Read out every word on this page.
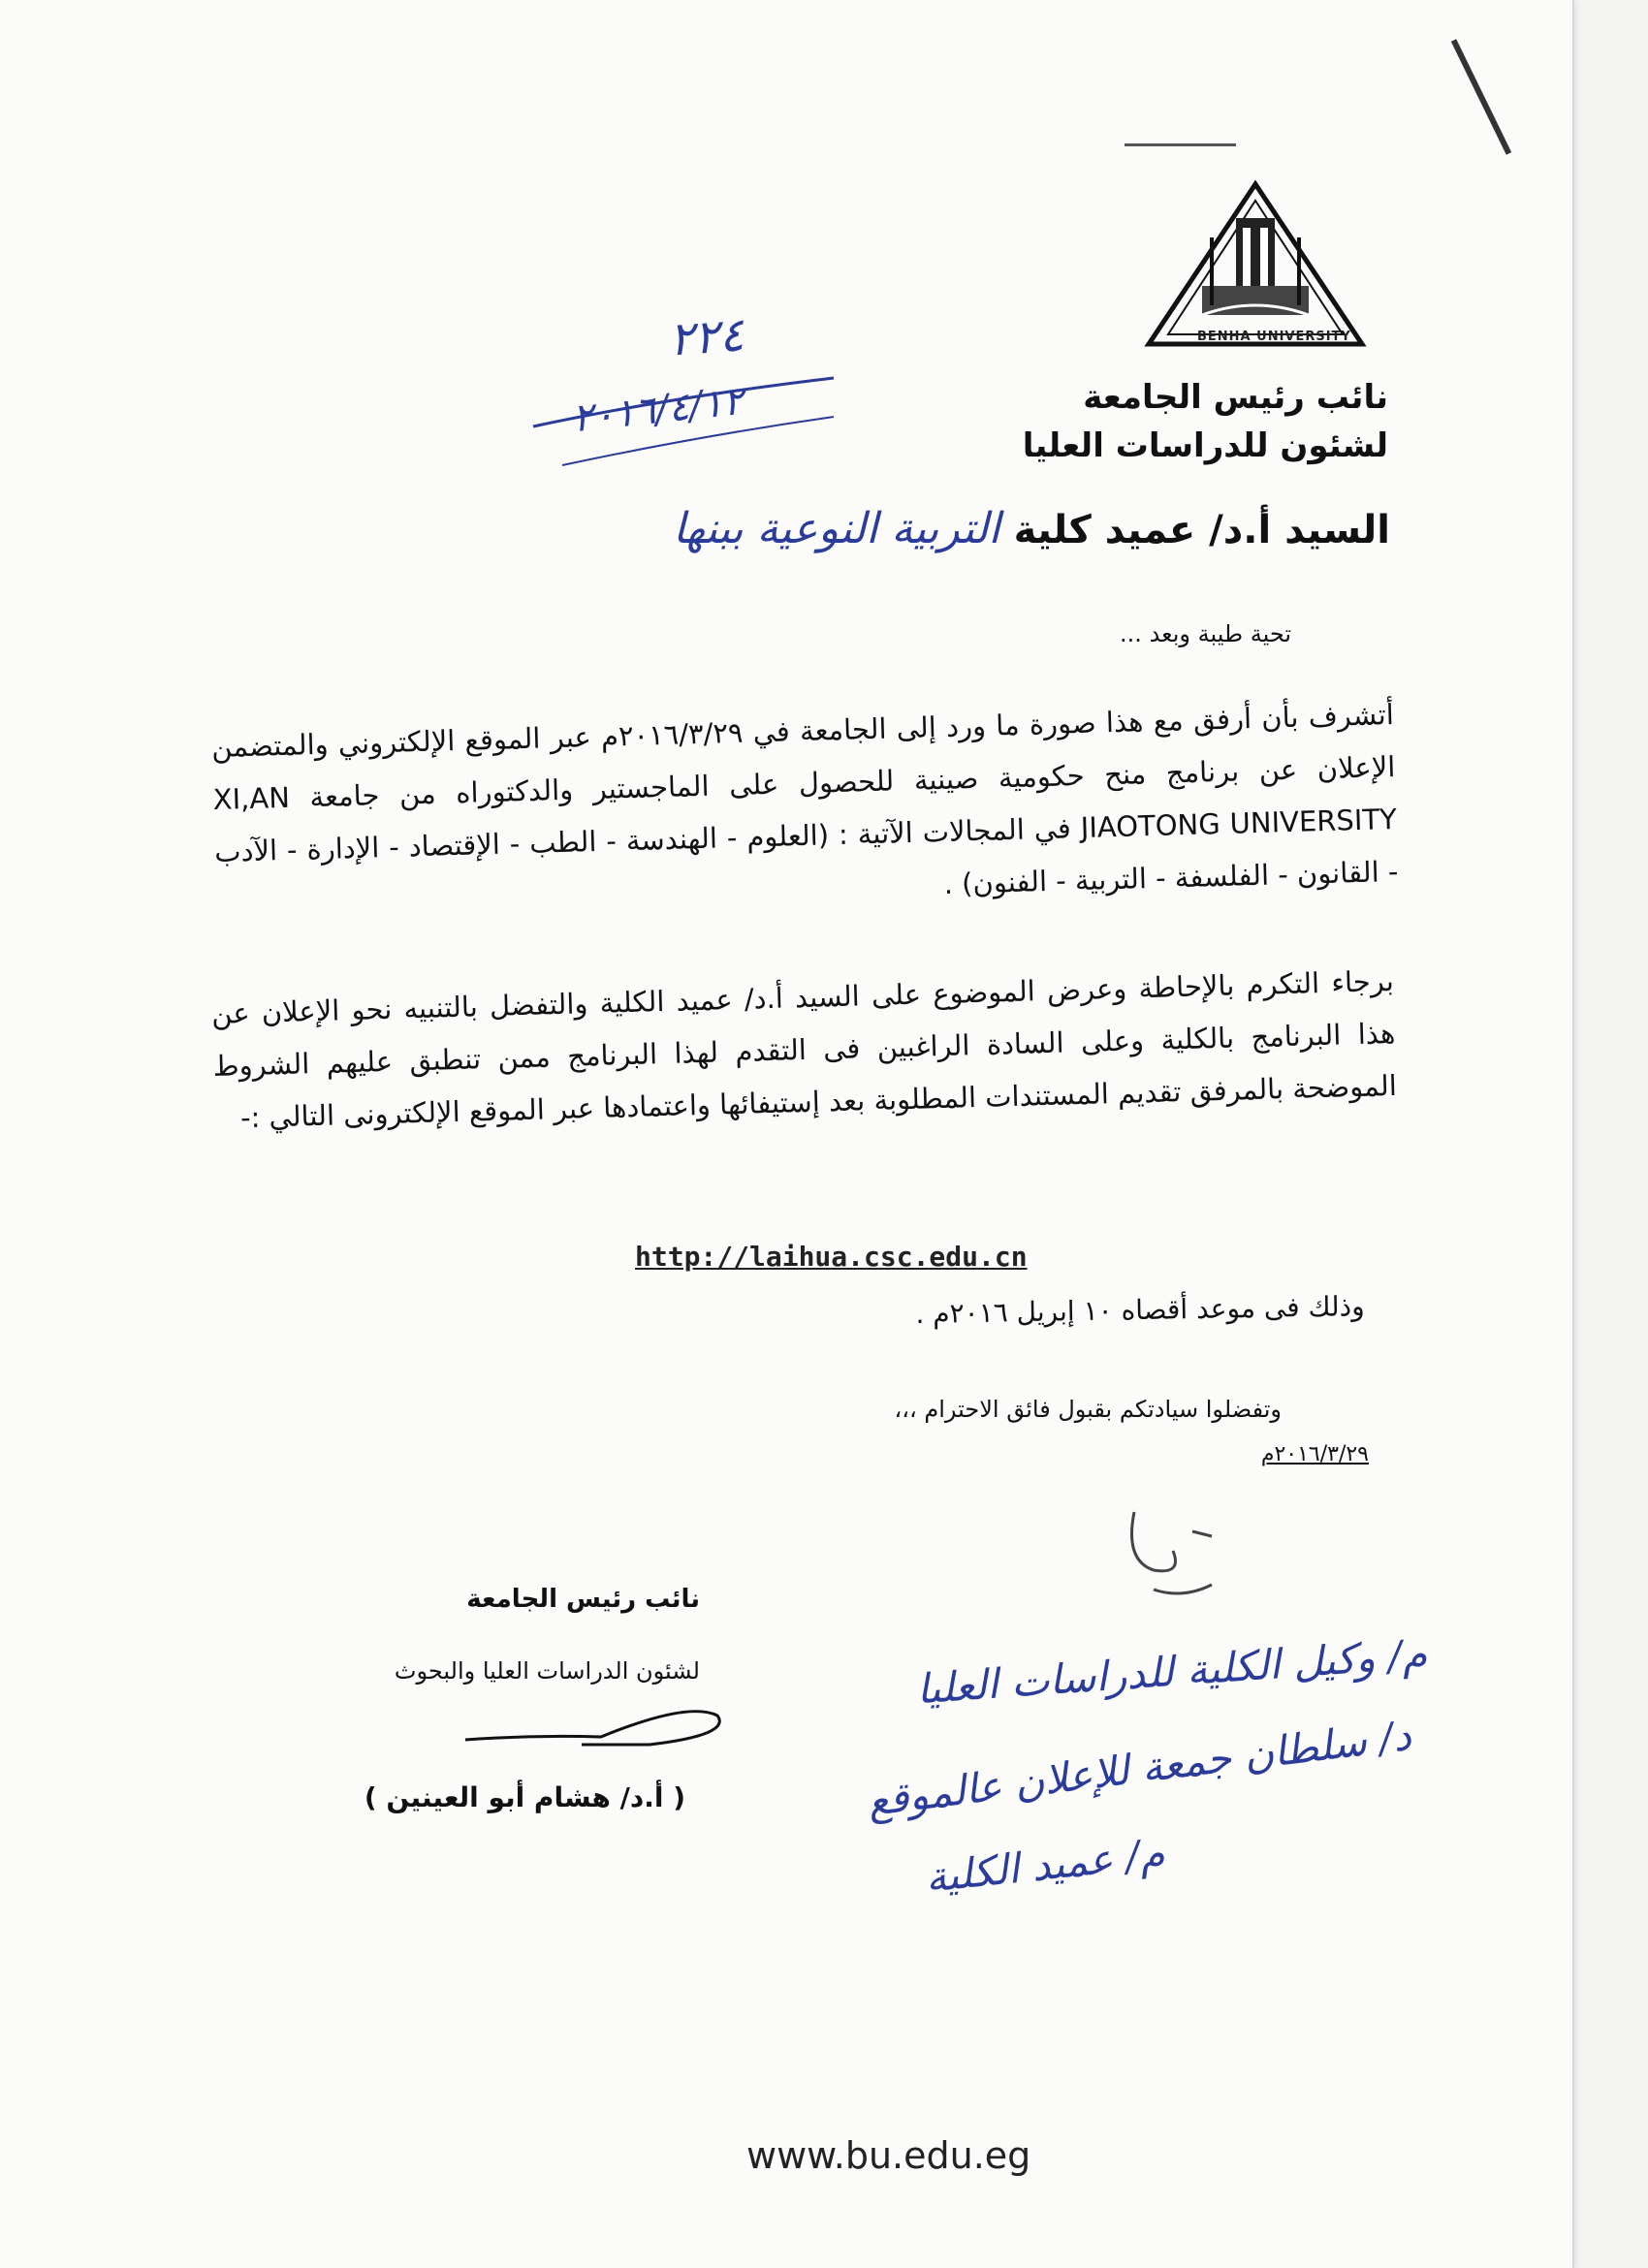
BENHA UNIVERSITY
نائب رئيس الجامعة
لشئون للدراسات العليا
٢٢٤
٢٠١٦/٤/١٢
السيد أ.د/ عميد كلية التربية النوعية ببنها
تحية طيبة وبعد ...
أتشرف بأن أرفق مع هذا صورة ما ورد إلى الجامعة في ٢٠١٦/٣/٢٩م عبر الموقع الإلكتروني والمتضمن الإعلان عن برنامج منح حكومية صينية للحصول على الماجستير والدكتوراه من جامعة XI,AN JIAOTONG UNIVERSITY في المجالات الآتية : (العلوم - الهندسة - الطب - الإقتصاد - الإدارة - الآدب - القانون - الفلسفة - التربية - الفنون) .
برجاء التكرم بالإحاطة وعرض الموضوع على السيد أ.د/ عميد الكلية والتفضل بالتنبيه نحو الإعلان عن هذا البرنامج بالكلية وعلى السادة الراغبين فى التقدم لهذا البرنامج ممن تنطبق عليهم الشروط الموضحة بالمرفق تقديم المستندات المطلوبة بعد إستيفائها واعتمادها عبر الموقع الإلكترونى التالي :-
http://laihua.csc.edu.cn
وذلك فى موعد أقصاه ١٠ إبريل ٢٠١٦م .
وتفضلوا سيادتكم بقبول فائق الاحترام ،،،
٢٠١٦/٣/٢٩م
نائب رئيس الجامعة
لشئون الدراسات العليا والبحوث
( أ.د/ هشام أبو العينين )
م/ وكيل الكلية للدراسات العليا
د/ سلطان جمعة للإعلان عالموقع
م/ عميد الكلية
www.bu.edu.eg
